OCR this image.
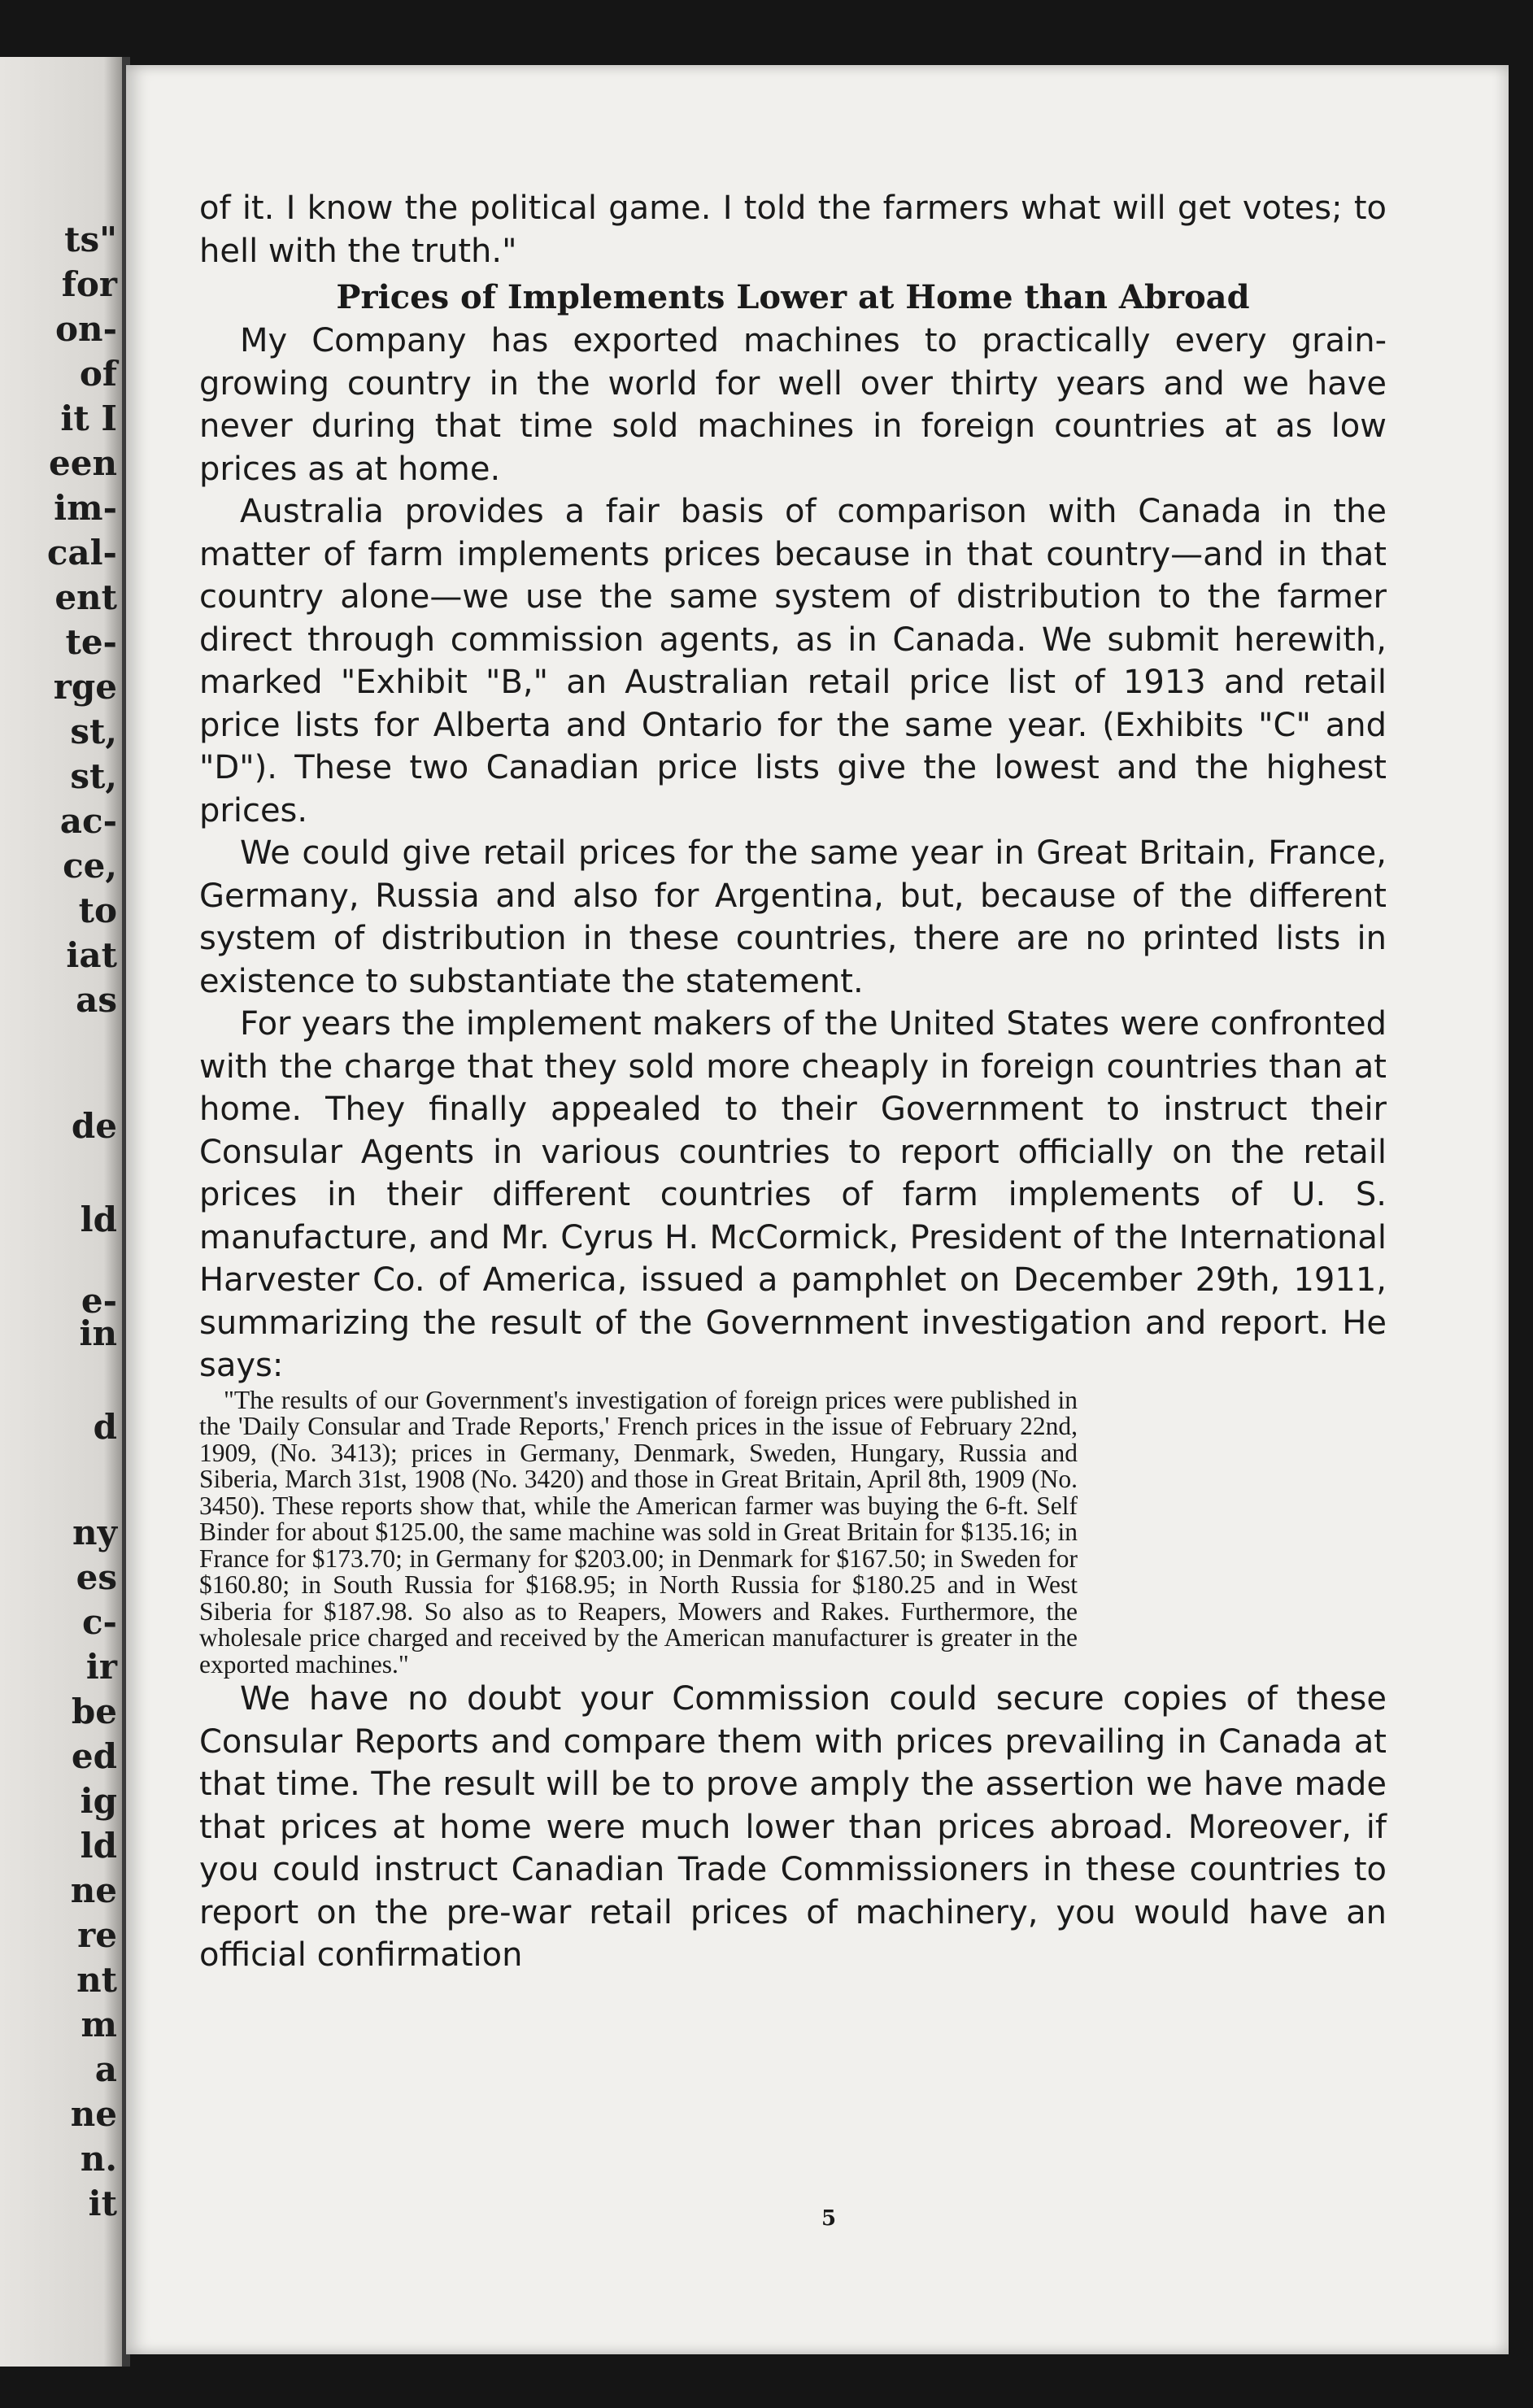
ts"
for
on-
of
it I
een
im-
cal-
ent
te-
rge
st,
st,
ac-
ce,
to
iat
as
de
ld
e-
in
d
ny
es
c-
ir
be
ed
ig
ld
ne
re
nt
m
a
ne
n.
it

of it. I know the political game. I told the farmers what will get votes; to hell with the truth."

Prices of Implements Lower at Home than Abroad

My Company has exported machines to practically every grain-growing country in the world for well over thirty years and we have never during that time sold machines in foreign countries at as low prices as at home.

Australia provides a fair basis of comparison with Canada in the matter of farm implements prices because in that country—and in that country alone—we use the same system of distribution to the farmer direct through commission agents, as in Canada. We submit herewith, marked "Exhibit "B," an Australian retail price list of 1913 and retail price lists for Alberta and Ontario for the same year. (Exhibits "C" and "D"). These two Canadian price lists give the lowest and the highest prices.

We could give retail prices for the same year in Great Britain, France, Germany, Russia and also for Argentina, but, because of the different system of distribution in these countries, there are no printed lists in existence to substantiate the statement.

For years the implement makers of the United States were confronted with the charge that they sold more cheaply in foreign countries than at home. They finally appealed to their Government to instruct their Consular Agents in various countries to report officially on the retail prices in their different countries of farm implements of U. S. manufacture, and Mr. Cyrus H. McCormick, President of the International Harvester Co. of America, issued a pamphlet on December 29th, 1911, summarizing the result of the Government investigation and report. He says:

"The results of our Government's investigation of foreign prices were published in the 'Daily Consular and Trade Reports,' French prices in the issue of February 22nd, 1909, (No. 3413); prices in Germany, Denmark, Sweden, Hungary, Russia and Siberia, March 31st, 1908 (No. 3420) and those in Great Britain, April 8th, 1909 (No. 3450). These reports show that, while the American farmer was buying the 6-ft. Self Binder for about $125.00, the same machine was sold in Great Britain for $135.16; in France for $173.70; in Germany for $203.00; in Denmark for $167.50; in Sweden for $160.80; in South Russia for $168.95; in North Russia for $180.25 and in West Siberia for $187.98. So also as to Reapers, Mowers and Rakes. Furthermore, the wholesale price charged and received by the American manufacturer is greater in the exported machines."

We have no doubt your Commission could secure copies of these Consular Reports and compare them with prices prevailing in Canada at that time. The result will be to prove amply the assertion we have made that prices at home were much lower than prices abroad. Moreover, if you could instruct Canadian Trade Commissioners in these countries to report on the pre-war retail prices of machinery, you would have an official confirmation

5
